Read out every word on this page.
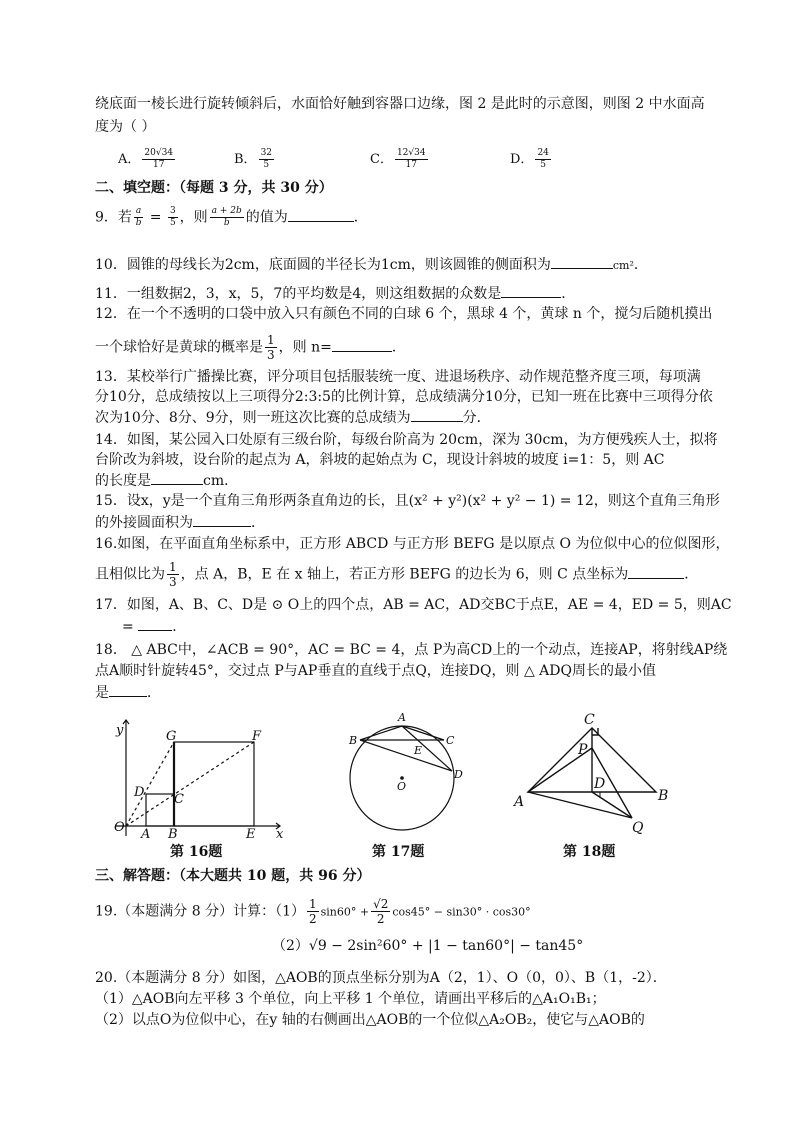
绕底面一棱长进行旋转倾斜后，水面恰好触到容器口边缘，图 2 是此时的示意图，则图 2 中水面高
度为（ ）
A． $\frac{20√34}{17}$	B． $\frac{32}{5}$	C． $\frac{12√34}{17}$	D． $\frac{24}{5}$
二、填空题：（每题 3 分，共 30 分）
9．若 $\frac{a}{b} = \frac{3}{5}$ ，则 $\frac{a + 2b}{b}$ 的值为	．
10．圆锥的母线长为2cm，底面圆的半径长为1cm，则该圆锥的侧面积为	cm²．
11．一组数据2，3，x，5，7的平均数是4，则这组数据的众数是	．
12．在一个不透明的口袋中放入只有颜色不同的白球 6 个，黑球 4 个，黄球 n 个，搅匀后随机摸出
一个球恰好是黄球的概率是 $\frac{1}{3}$ ，则 n=	．
13．某校举行广播操比赛，评分项目包括服装统一度、进退场秩序、动作规范整齐度三项，每项满
分10分，总成绩按以上三项得分2:3:5的比例计算，总成绩满分10分，已知一班在比赛中三项得分依
次为10分、8分、9分，则一班这次比赛的总成绩为	分．
14．如图，某公园入口处原有三级台阶，每级台阶高为 20cm，深为 30cm，为方便残疾人士，拟将
台阶改为斜坡，设台阶的起点为 A，斜坡的起始点为 C，现设计斜坡的坡度 i=1：5，则 AC
的长度是	cm．
15．设x，y是一个直角三角形两条直角边的长，且(x² + y²)(x² + y² − 1) = 12，则这个直角三角形
的外接圆面积为	．
16.如图，在平面直角坐标系中，正方形 ABCD 与正方形 BEFG 是以原点 O 为位似中心的位似图形，
且相似比为 $\frac{1}{3}$ ，点 A，B，E 在 x 轴上，若正方形 BEFG 的边长为 6，则 C 点坐标为	．
17．如图，A、B、C、D是 ⊙ O上的四个点，AB = AC，AD交BC于点E，AE = 4，ED = 5，则AC
= ．
18． △ ABC中，∠ACB = 90°，AC = BC = 4，点 P为高CD上的一个动点，连接AP，将射线AP绕
点A顺时针旋转45°，交过点 P与AP垂直的直线于点Q，连接DQ，则 △ ADQ周长的最小值
是	．
y	G	F
D C
O A B	E x
第 16题
A
B	C
E
D
O
第 17题
C
P
D
A	B
Q
第 18题
三、解答题：（本大题共 10 题，共 96 分）
19.（本题满分 8 分）计算：$(1) \frac{1}{2} \sin 60^\circ + \frac{√2}{2} \cos 45^\circ - \sin 30^\circ \cdot \cos 30^\circ$
（2）√9 − 2sin²60° + |1 − tan60°| − tan45°
20.（本题满分 8 分）如图，△AOB的顶点坐标分别为A（2，1）、O（0，0）、B（1，-2）．
（1）△AOB向左平移 3 个单位，向上平移 1 个单位，请画出平移后的△A₁O₁B₁；
（2）以点O为位似中心，在y 轴的右侧画出△AOB的一个位似△A₂OB₂，使它与△AOB的
